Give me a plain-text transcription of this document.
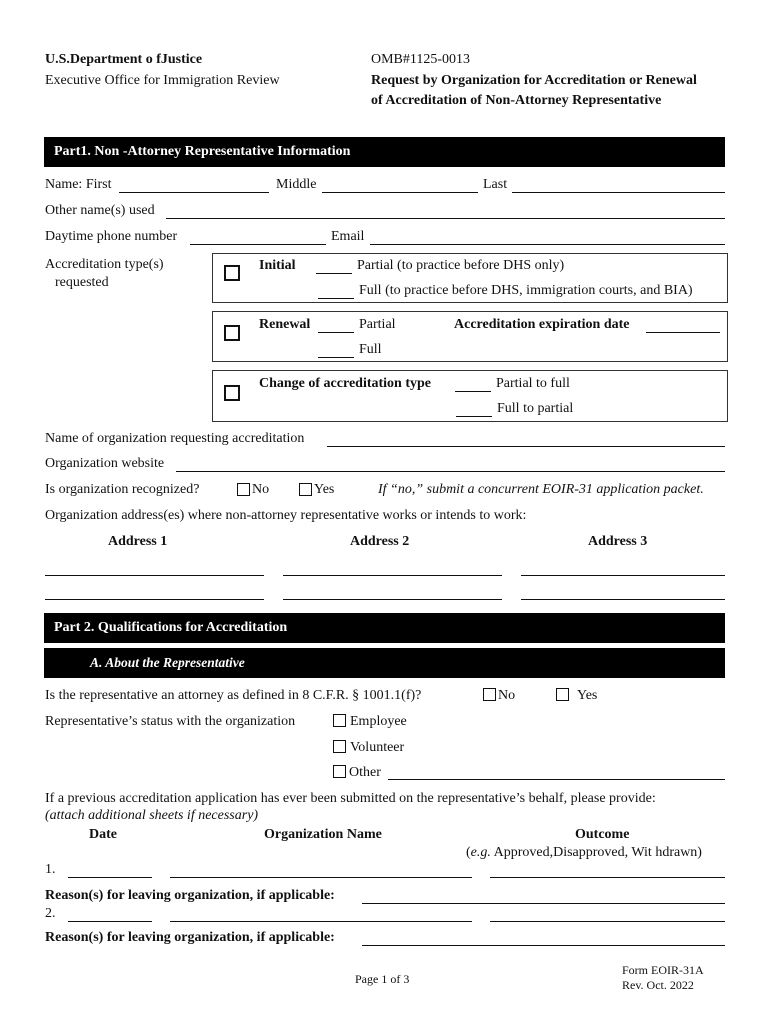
U.S.Department o fJustice
Executive Office for Immigration Review
OMB#1125-0013
Request by Organization for Accreditation or Renewal
of Accreditation of Non-Attorney Representative
Part1. Non -Attorney Representative Information
Name: First	Middle	Last
Other name(s) used
Daytime phone number	Email
Accreditation type(s)
requested
Initial	Partial (to practice before DHS only)
Full (to practice before DHS, immigration courts, and BIA)
Renewal	Partial	Accreditation expiration date
Full
Change of accreditation type	Partial to full
Full to partial
Name of organization requesting accreditation
Organization website
Is organization recognized?	No	Yes	If “no,” submit a concurrent EOIR-31 application packet.
Organization address(es) where non-attorney representative works or intends to work:
Address 1	Address 2	Address 3
Part 2. Qualifications for Accreditation
A. About the Representative
Is the representative an attorney as defined in 8 C.F.R. § 1001.1(f)?	No	Yes
Representative’s status with the organization	Employee
Volunteer
Other
If a previous accreditation application has ever been submitted on the representative’s behalf, please provide:
(attach additional sheets if necessary)
Date	Organization Name	Outcome
(e.g. Approved,Disapproved, Wit hdrawn)
1.
Reason(s) for leaving organization, if applicable:
2.
Reason(s) for leaving organization, if applicable:
Page 1 of 3
Form EOIR-31A
Rev. Oct. 2022
